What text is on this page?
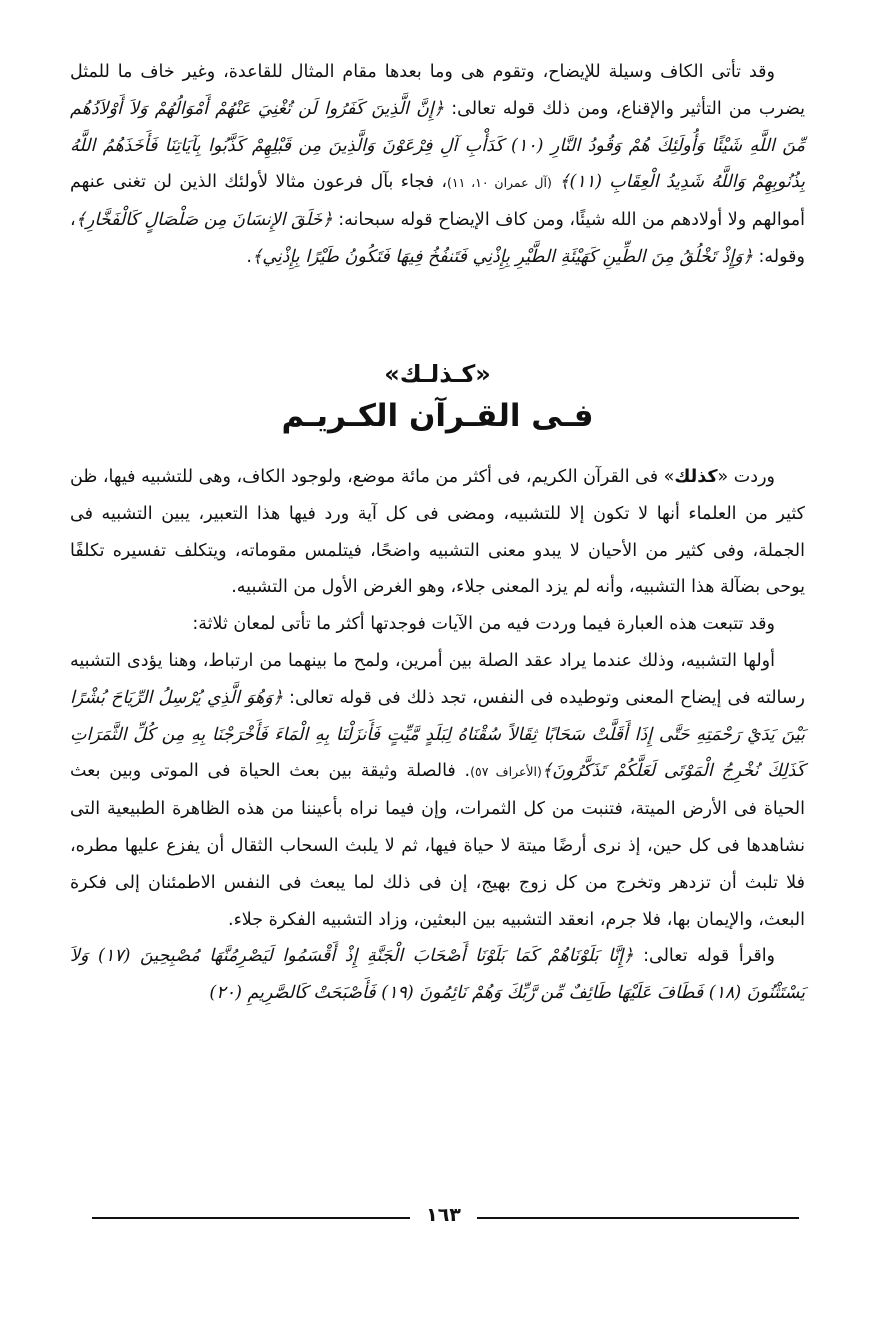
وقد تأتى الكاف وسيلة للإيضاح، وتقوم هى وما بعدها مقام المثال للقاعدة، وغير خاف ما للمثل يضرب من التأثير والإقناع، ومن ذلك قوله تعالى: ﴿إِنَّ الَّذِينَ كَفَرُوا لَن تُغْنِيَ عَنْهُمْ أَمْوَالُهُمْ وَلاَ أَوْلاَدُهُم مِّنَ اللَّهِ شَيْئًا وَأُولَئِكَ هُمْ وَقُودُ النَّارِ (١٠) كَدَأْبِ آلِ فِرْعَوْنَ وَالَّذِينَ مِن قَبْلِهِمْ كَذَّبُوا بِآيَاتِنَا فَأَخَذَهُمُ اللَّهُ بِذُنُوبِهِمْ وَاللَّهُ شَدِيدُ الْعِقَابِ (١١)﴾ (آل عمران ١٠، ١١)، فجاء بآل فرعون مثالا لأولئك الذين لن تغنى عنهم أموالهم ولا أولادهم من الله شيئًا، ومن كاف الإيضاح قوله سبحانه: ﴿خَلَقَ الإِنسَانَ مِن صَلْصَالٍ كَالْفَخَّارِ﴾، وقوله: ﴿وَإِذْ تَخْلُقُ مِنَ الطِّينِ كَهَيْئَةِ الطَّيْرِ بِإِذْنِي فَتَنفُخُ فِيهَا فَتَكُونُ طَيْرًا بِإِذْنِي﴾.

«كـذلـك»
فـى القـرآن الكـريـم

وردت «كذلك» فى القرآن الكريم، فى أكثر من مائة موضع، ولوجود الكاف، وهى للتشبيه فيها، ظن كثير من العلماء أنها لا تكون إلا للتشبيه، ومضى فى كل آية ورد فيها هذا التعبير، يبين التشبيه فى الجملة، وفى كثير من الأحيان لا يبدو معنى التشبيه واضحًا، فيتلمس مقوماته، ويتكلف تفسيره تكلفًا يوحى بضآلة هذا التشبيه، وأنه لم يزد المعنى جلاء، وهو الغرض الأول من التشبيه.

وقد تتبعت هذه العبارة فيما وردت فيه من الآيات فوجدتها أكثر ما تأتى لمعان ثلاثة:

أولها التشبيه، وذلك عندما يراد عقد الصلة بين أمرين، ولمح ما بينهما من ارتباط، وهنا يؤدى التشبيه رسالته فى إيضاح المعنى وتوطيده فى النفس، تجد ذلك فى قوله تعالى: ﴿وَهُوَ الَّذِي يُرْسِلُ الرِّيَاحَ بُشْرًا بَيْنَ يَدَيْ رَحْمَتِهِ حَتَّى إِذَا أَقَلَّتْ سَحَابًا ثِقَالاً سُقْنَاهُ لِبَلَدٍ مَّيِّتٍ فَأَنزَلْنَا بِهِ الْمَاءَ فَأَخْرَجْنَا بِهِ مِن كُلِّ الثَّمَرَاتِ كَذَلِكَ نُخْرِجُ الْمَوْتَى لَعَلَّكُمْ تَذَكَّرُونَ﴾(الأعراف ٥٧). فالصلة وثيقة بين بعث الحياة فى الموتى وبين بعث الحياة فى الأرض الميتة، فتنبت من كل الثمرات، وإن فيما نراه بأعيننا من هذه الظاهرة الطبيعية التى نشاهدها فى كل حين، إذ نرى أرضًا ميتة لا حياة فيها، ثم لا يلبث السحاب الثقال أن يفزع عليها مطره، فلا تلبث أن تزدهر وتخرج من كل زوج بهيج، إن فى ذلك لما يبعث فى النفس الاطمئنان إلى فكرة البعث، والإيمان بها، فلا جرم، انعقد التشبيه بين البعثين، وزاد التشبيه الفكرة جلاء.

واقرأ قوله تعالى: ﴿إِنَّا بَلَوْنَاهُمْ كَمَا بَلَوْنَا أَصْحَابَ الْجَنَّةِ إِذْ أَقْسَمُوا لَيَصْرِمُنَّهَا مُصْبِحِينَ (١٧) وَلاَ يَسْتَثْنُونَ (١٨) فَطَافَ عَلَيْهَا طَائِفٌ مِّن رَّبِّكَ وَهُمْ نَائِمُونَ (١٩) فَأَصْبَحَتْ كَالصَّرِيمِ (٢٠)

١٦٣
